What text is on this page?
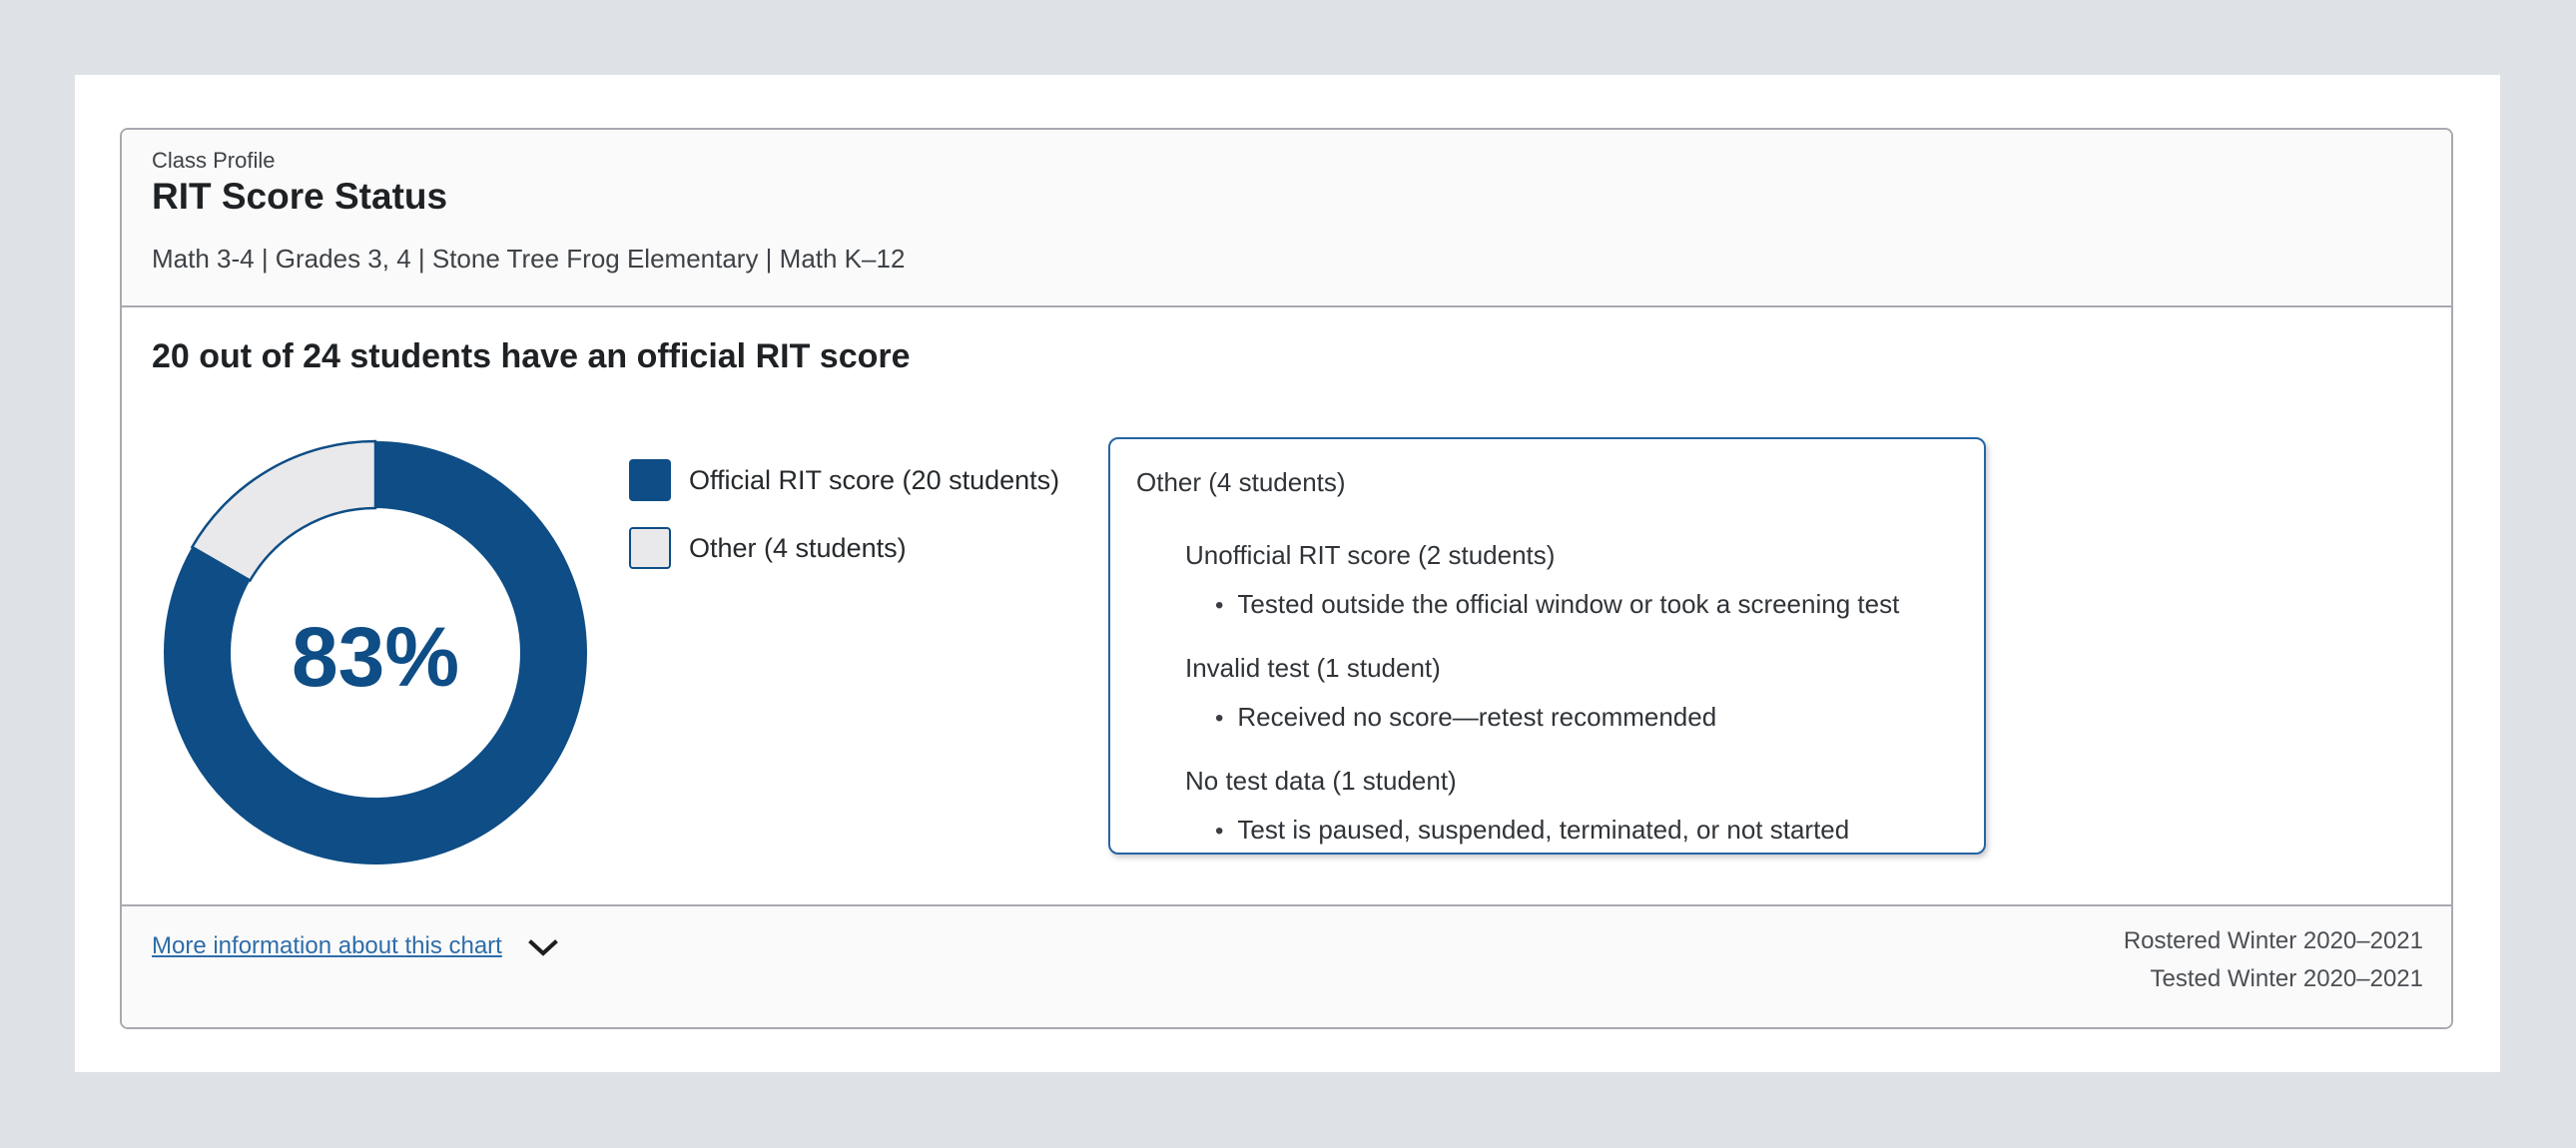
Class Profile
RIT Score Status
Math 3-4 | Grades 3, 4 | Stone Tree Frog Elementary | Math K–12
20 out of 24 students have an official RIT score
83%
Official RIT score (20 students)
Other (4 students)
Other (4 students)
Unofficial RIT score (2 students)
• Tested outside the official window or took a screening test
Invalid test (1 student)
• Received no score—retest recommended
No test data (1 student)
• Test is paused, suspended, terminated, or not started
More information about this chart	Rostered Winter 2020–2021
Tested Winter 2020–2021
